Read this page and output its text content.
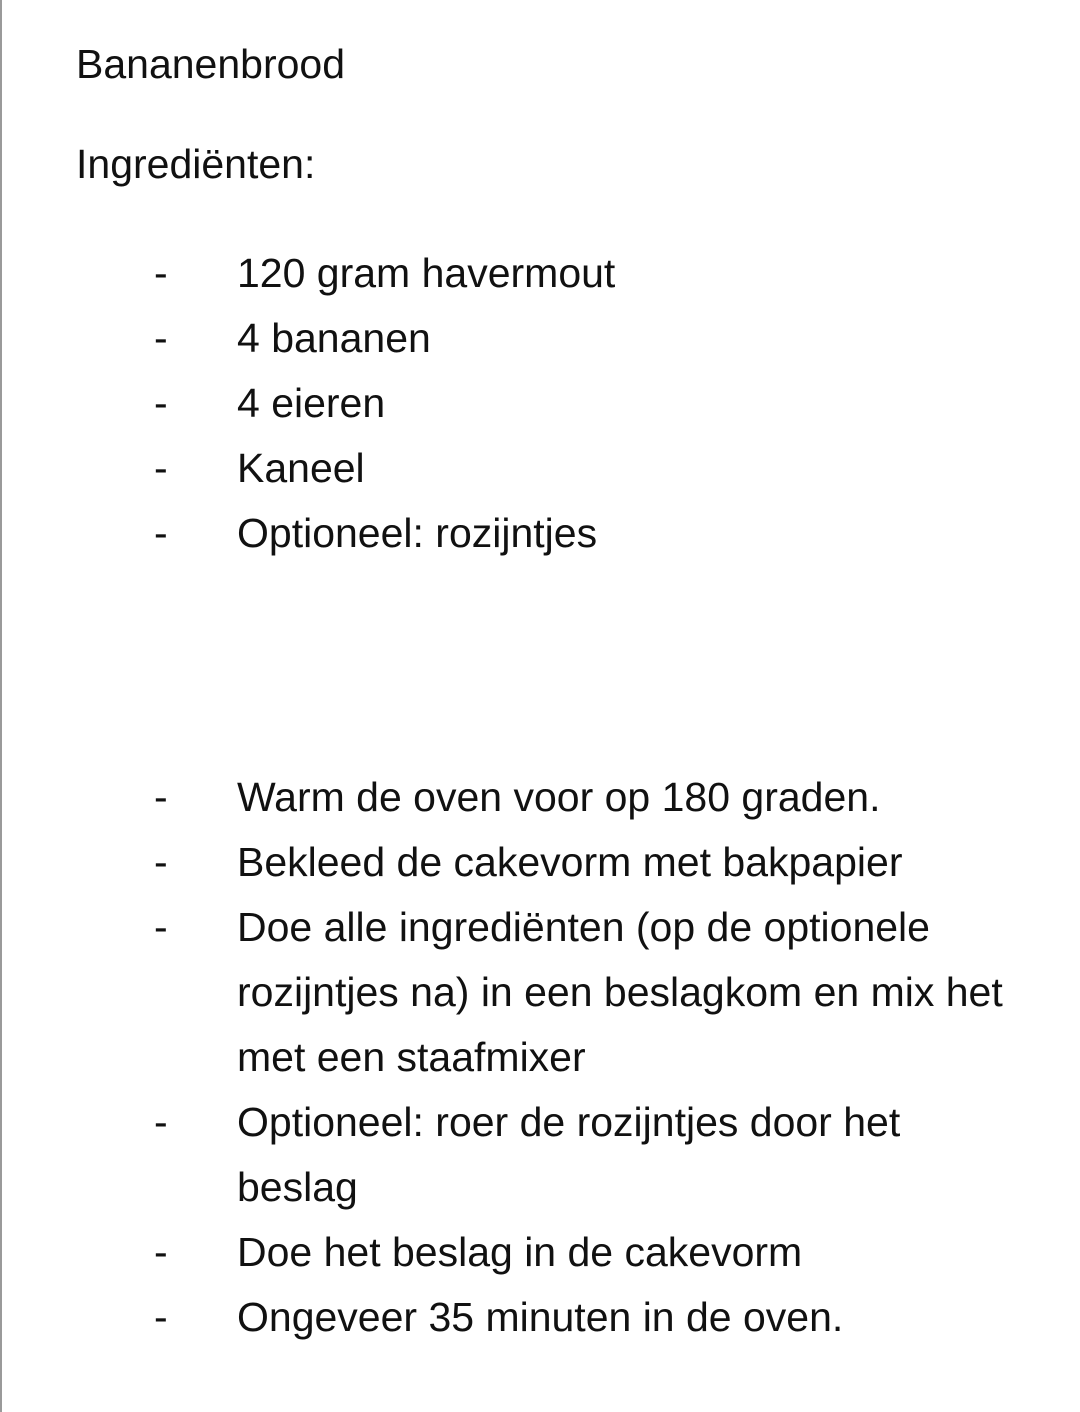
Bananenbrood
Ingrediënten:
- 120 gram havermout
- 4 bananen
- 4 eieren
- Kaneel
- Optioneel: rozijntjes
- Warm de oven voor op 180 graden.
- Bekleed de cakevorm met bakpapier
- Doe alle ingrediënten (op de optionele rozijntjes na) in een beslagkom en mix het met een staafmixer
- Optioneel: roer de rozijntjes door het beslag
- Doe het beslag in de cakevorm
- Ongeveer 35 minuten in de oven.
